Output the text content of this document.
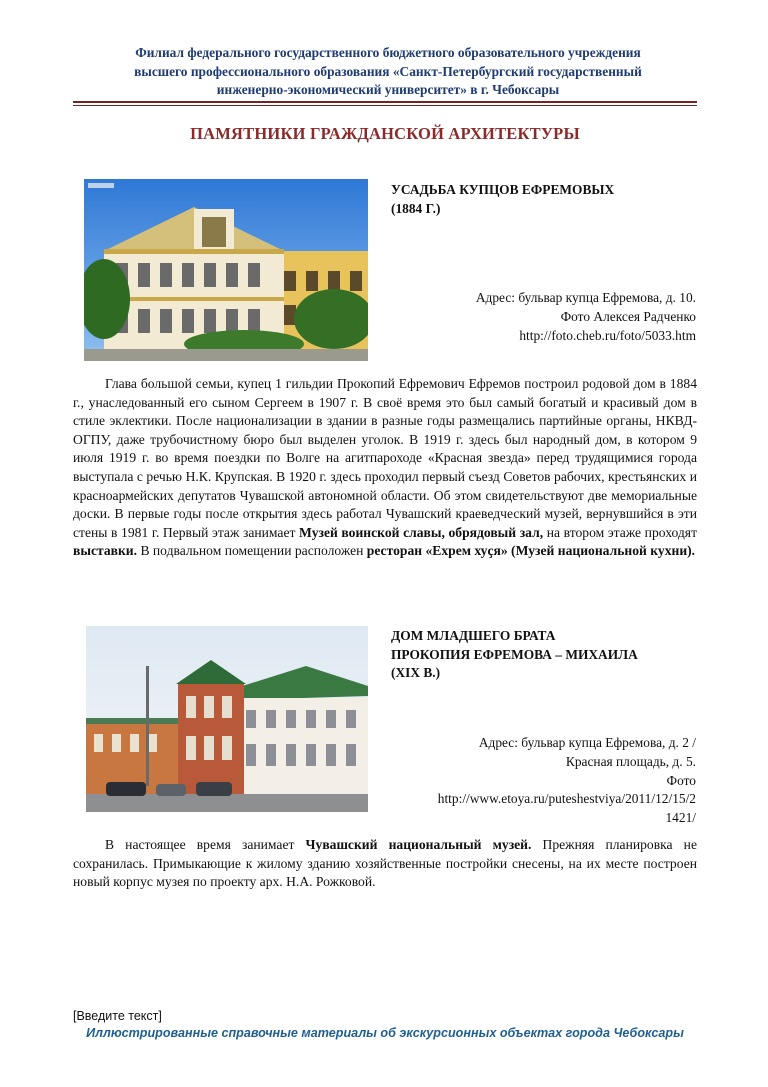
Филиал федерального государственного бюджетного образовательного учреждения
высшего профессионального образования «Санкт-Петербургский государственный
инженерно-экономический университет» в г. Чебоксары
ПАМЯТНИКИ ГРАЖДАНСКОЙ АРХИТЕКТУРЫ
УСАДЬБА КУПЦОВ ЕФРЕМОВЫХ
(1884 Г.)
Адрес: бульвар купца Ефремова, д. 10.
Фото Алексея Радченко
http://foto.cheb.ru/foto/5033.htm

Глава большой семьи, купец 1 гильдии Прокопий Ефремович Ефремов построил родовой дом в 1884 г., унаследованный его сыном Сергеем в 1907 г. В своё время это был самый богатый и красивый дом в стиле эклектики. После национализации в здании в разные годы размещались партийные органы, НКВД-ОГПУ, даже трубочистному бюро был выделен уголок. В 1919 г. здесь был народный дом, в котором 9 июля 1919 г. во время поездки по Волге на агитпароходе «Красная звезда» перед трудящимися города выступала с речью Н.К. Крупская. В 1920 г. здесь проходил первый съезд Советов рабочих, крестьянских и красноармейских депутатов Чувашской автономной области. Об этом свидетельствуют две мемориальные доски. В первые годы после открытия здесь работал Чувашский краеведческий музей, вернувшийся в эти стены в 1981 г. Первый этаж занимает Музей воинской славы, обрядовый зал, на втором этаже проходят выставки. В подвальном помещении расположен ресторан «Ехрем хуҫя» (Музей национальной кухни).

ДОМ МЛАДШЕГО БРАТА
ПРОКОПИЯ ЕФРЕМОВА – МИХАИЛА
(XIX В.)
Адрес: бульвар купца Ефремова, д. 2 /
Красная площадь, д. 5.
Фото
http://www.etoya.ru/puteshestviya/2011/12/15/2
1421/

В настоящее время занимает Чувашский национальный музей. Прежняя планировка не сохранилась. Примыкающие к жилому зданию хозяйственные постройки снесены, на их месте построен новый корпус музея по проекту арх. Н.А. Рожковой.

[Введите текст]
Иллюстрированные справочные материалы об экскурсионных объектах города Чебоксары
